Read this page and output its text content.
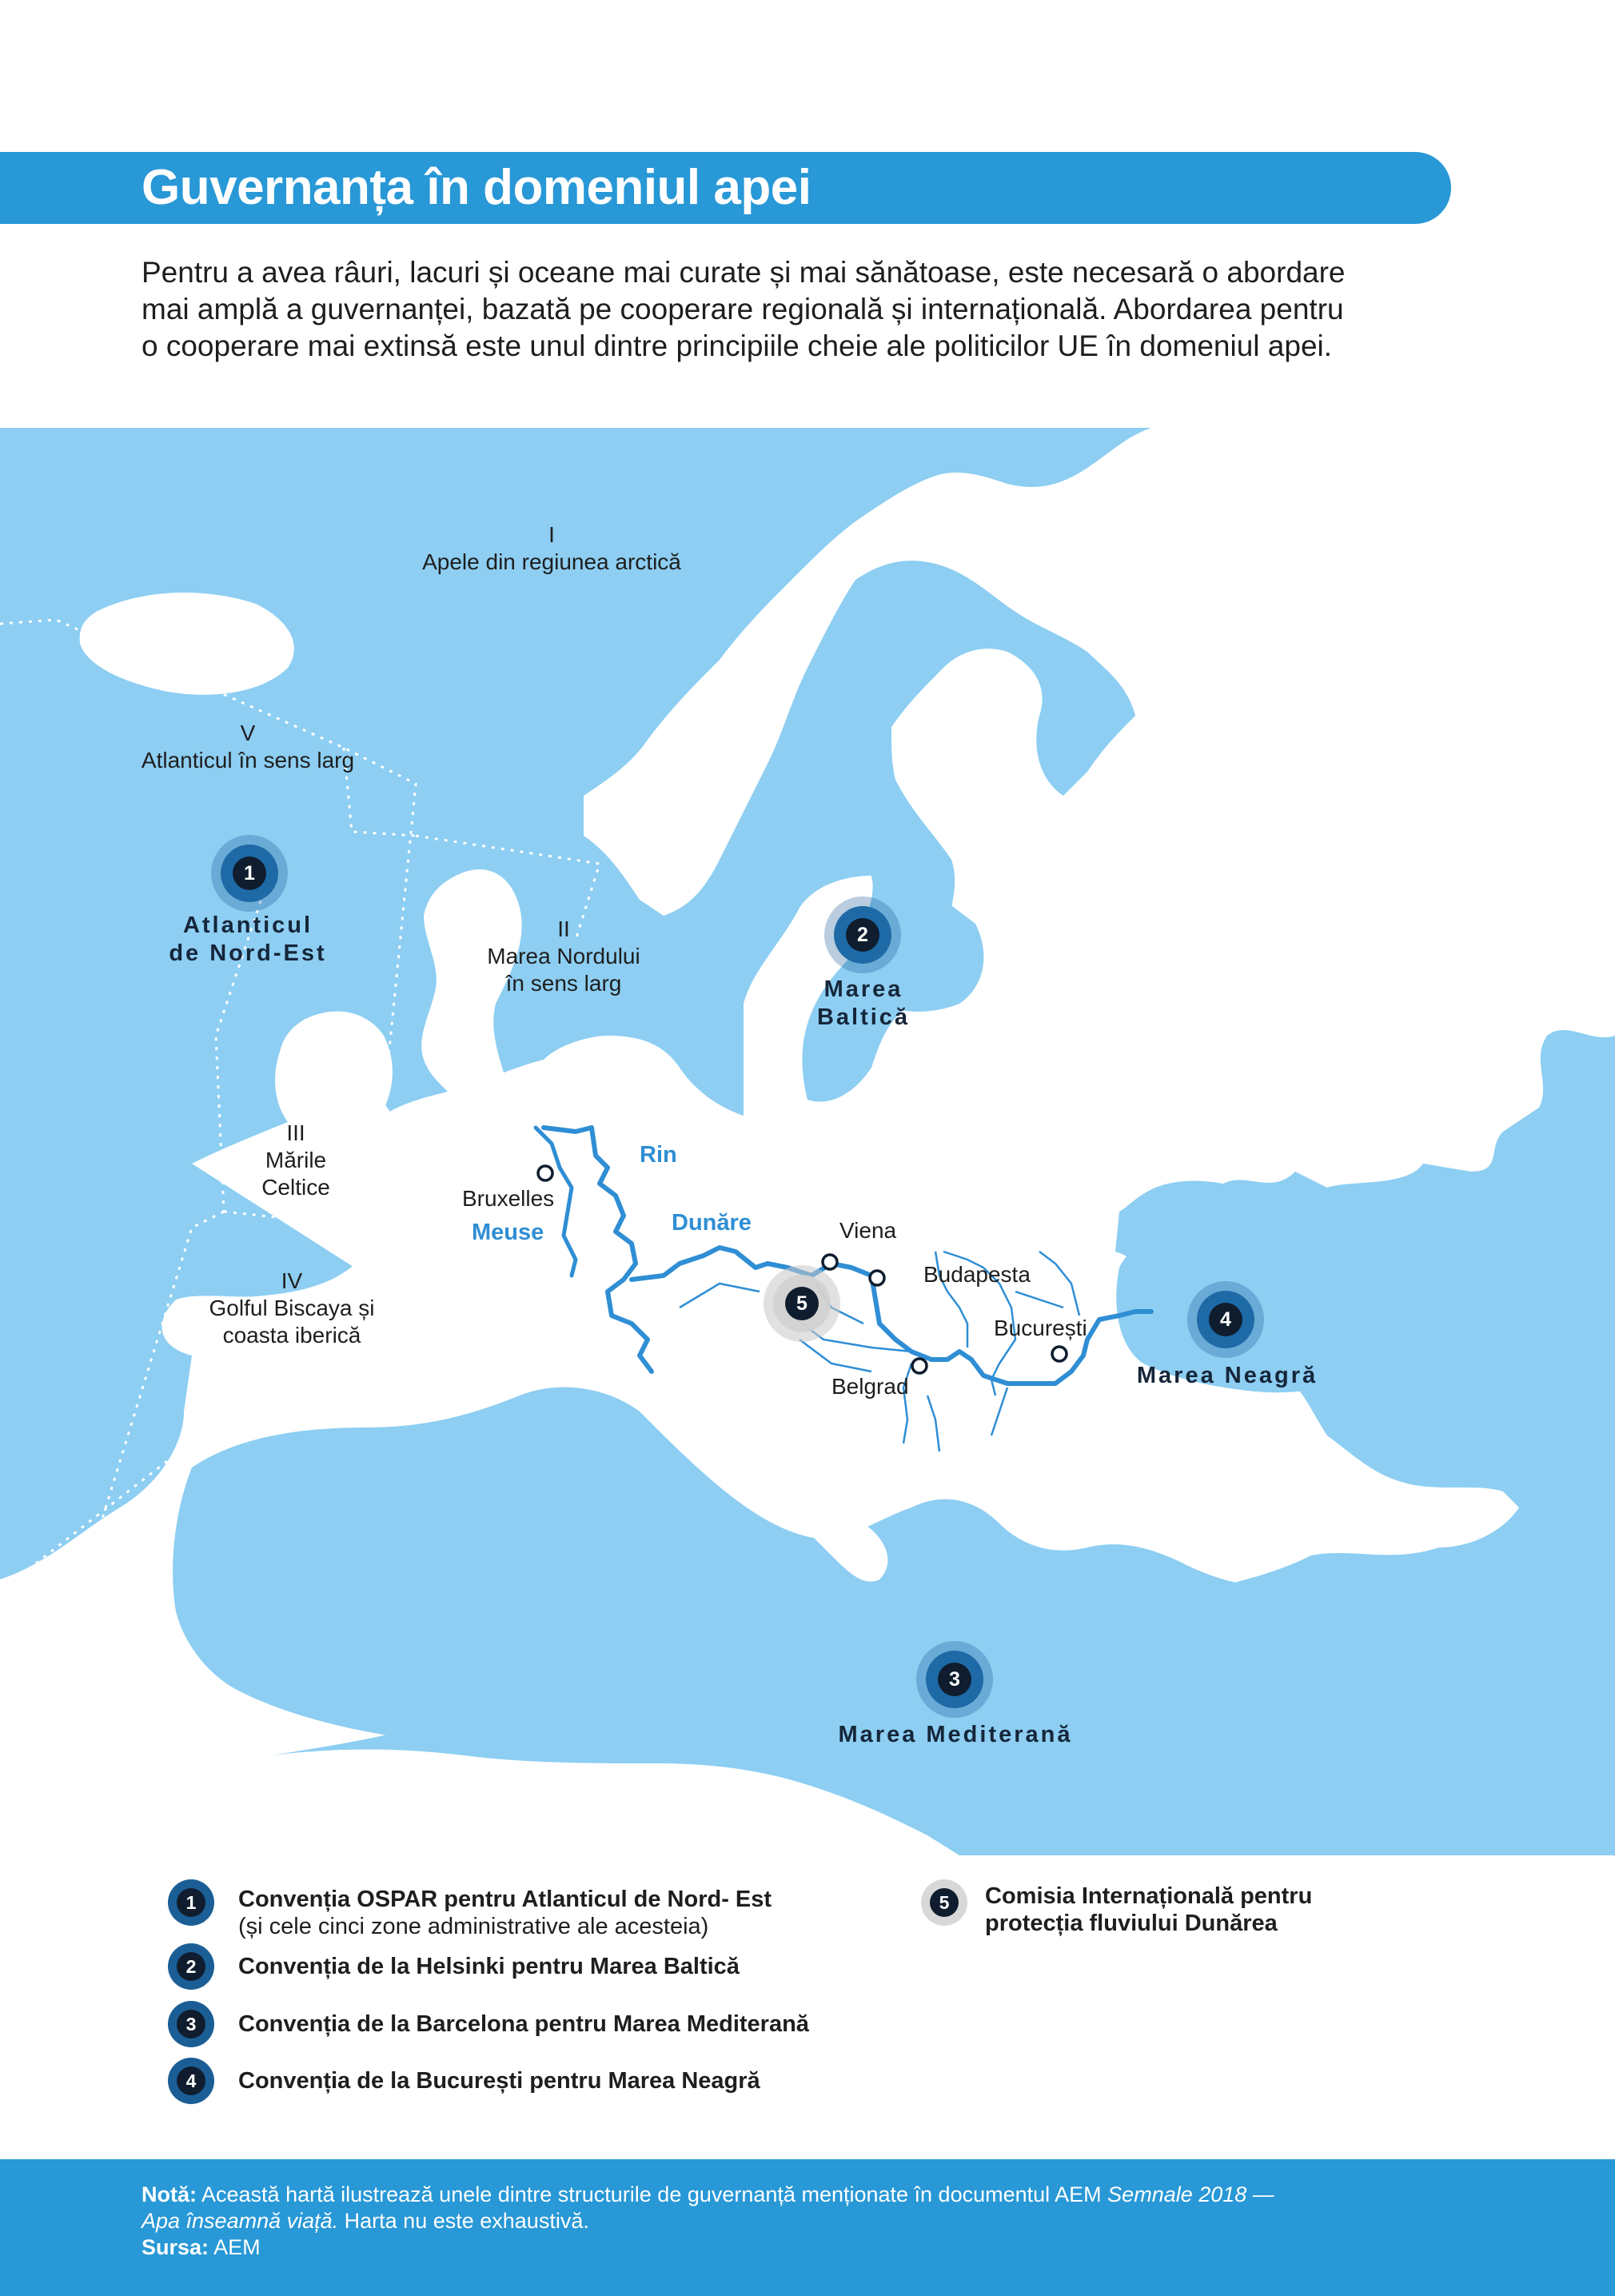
Guvernanța în domeniul apei
Pentru a avea râuri, lacuri și oceane mai curate și mai sănătoase, este necesară o abordare
mai amplă a guvernanței, bazată pe cooperare regională și internațională. Abordarea pentru
o cooperare mai extinsă este unul dintre principiile cheie ale politicilor UE în domeniul apei.
I
Apele din regiunea arctică
V
Atlanticul în sens larg
II
Marea Nordului
în sens larg
III
Mările
Celtice
IV
Golful Biscaya și
coasta iberică
1
2
3
4
5
Atlanticul
de Nord-Est
Marea
Baltică
Marea Mediterană
Marea Neagră
Rin
Meuse	Dunăre
Bruxelles
Viena
Budapesta
București
Belgrad
1	Convenția OSPAR pentru Atlanticul de Nord- Est
(și cele cinci zone administrative ale acesteia)
2	Convenția de la Helsinki pentru Marea Baltică
3	Convenția de la Barcelona pentru Marea Mediterană
4	Convenția de la București pentru Marea Neagră
5	Comisia Internațională pentru
protecția fluviului Dunărea
Notă: Această hartă ilustrează unele dintre structurile de guvernanță menționate în documentul AEM Semnale 2018 —
Apa înseamnă viață. Harta nu este exhaustivă.
Sursa: AEM
